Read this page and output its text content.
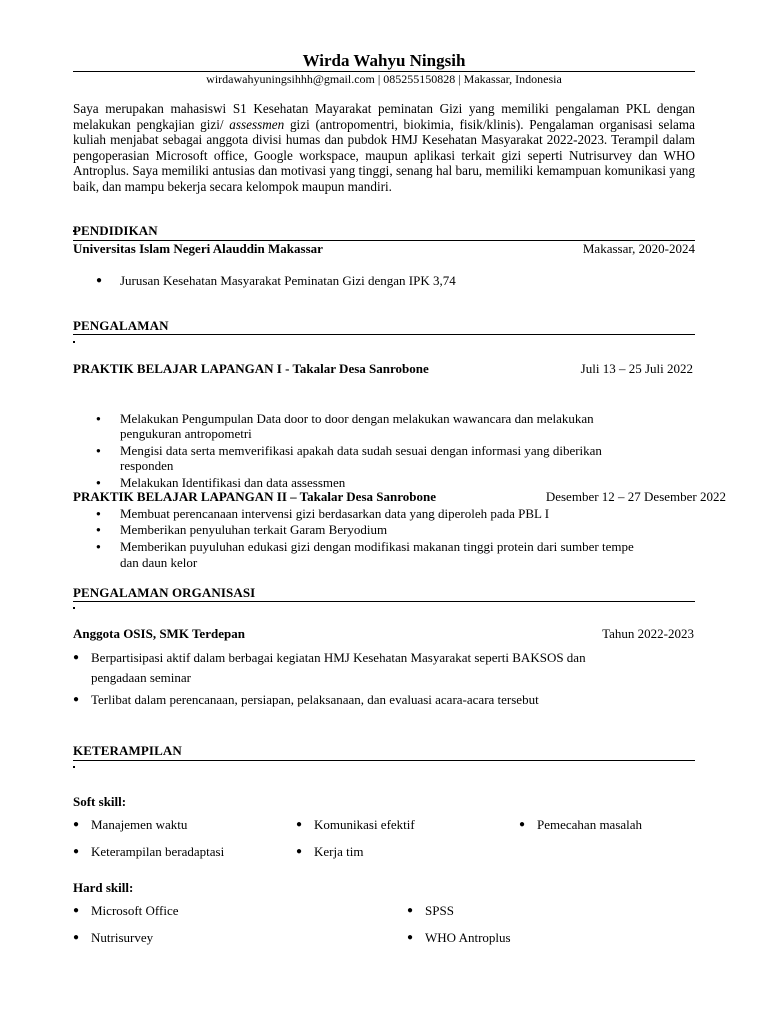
Wirda Wahyu Ningsih
wirdawahyuningsihhh@gmail.com | 085255150828 | Makassar, Indonesia
Saya merupakan mahasiswi S1 Kesehatan Mayarakat peminatan Gizi yang memiliki pengalaman PKL dengan melakukan pengkajian gizi/ assessmen gizi (antropomentri, biokimia, fisik/klinis). Pengalaman organisasi selama kuliah menjabat sebagai anggota divisi humas dan pubdok HMJ Kesehatan Masyarakat 2022-2023. Terampil dalam pengoperasian Microsoft office, Google workspace, maupun aplikasi terkait gizi seperti Nutrisurvey dan WHO Antroplus. Saya memiliki antusias dan motivasi yang tinggi, senang hal baru, memiliki kemampuan komunikasi yang baik, dan mampu bekerja secara kelompok maupun mandiri.
PENDIDIKAN
Universitas Islam Negeri Alauddin Makassar	Makassar, 2020-2024
● Jurusan Kesehatan Masyarakat Peminatan Gizi dengan IPK 3,74
PENGALAMAN
PRAKTIK BELAJAR LAPANGAN I - Takalar Desa Sanrobone	Juli 13 – 25 Juli 2022
● Melakukan Pengumpulan Data door to door dengan melakukan wawancara dan melakukan
pengukuran antropometri
● Mengisi data serta memverifikasi apakah data sudah sesuai dengan informasi yang diberikan
responden
● Melakukan Identifikasi dan data assessmen
PRAKTIK BELAJAR LAPANGAN II – Takalar Desa Sanrobone	Desember 12 – 27 Desember 2022
● Membuat perencanaan intervensi gizi berdasarkan data yang diperoleh pada PBL I
● Memberikan penyuluhan terkait Garam Beryodium
● Memberikan puyuluhan edukasi gizi dengan modifikasi makanan tinggi protein dari sumber tempe
dan daun kelor
PENGALAMAN ORGANISASI
Anggota OSIS, SMK Terdepan	Tahun 2022-2023
● Berpartisipasi aktif dalam berbagai kegiatan HMJ Kesehatan Masyarakat seperti BAKSOS dan
pengadaan seminar
● Terlibat dalam perencanaan, persiapan, pelaksanaan, dan evaluasi acara-acara tersebut
KETERAMPILAN
Soft skill:
● Manajemen waktu	● Komunikasi efektif	● Pemecahan masalah
● Keterampilan beradaptasi	● Kerja tim
Hard skill:
● Microsoft Office	● SPSS
● Nutrisurvey	● WHO Antroplus
